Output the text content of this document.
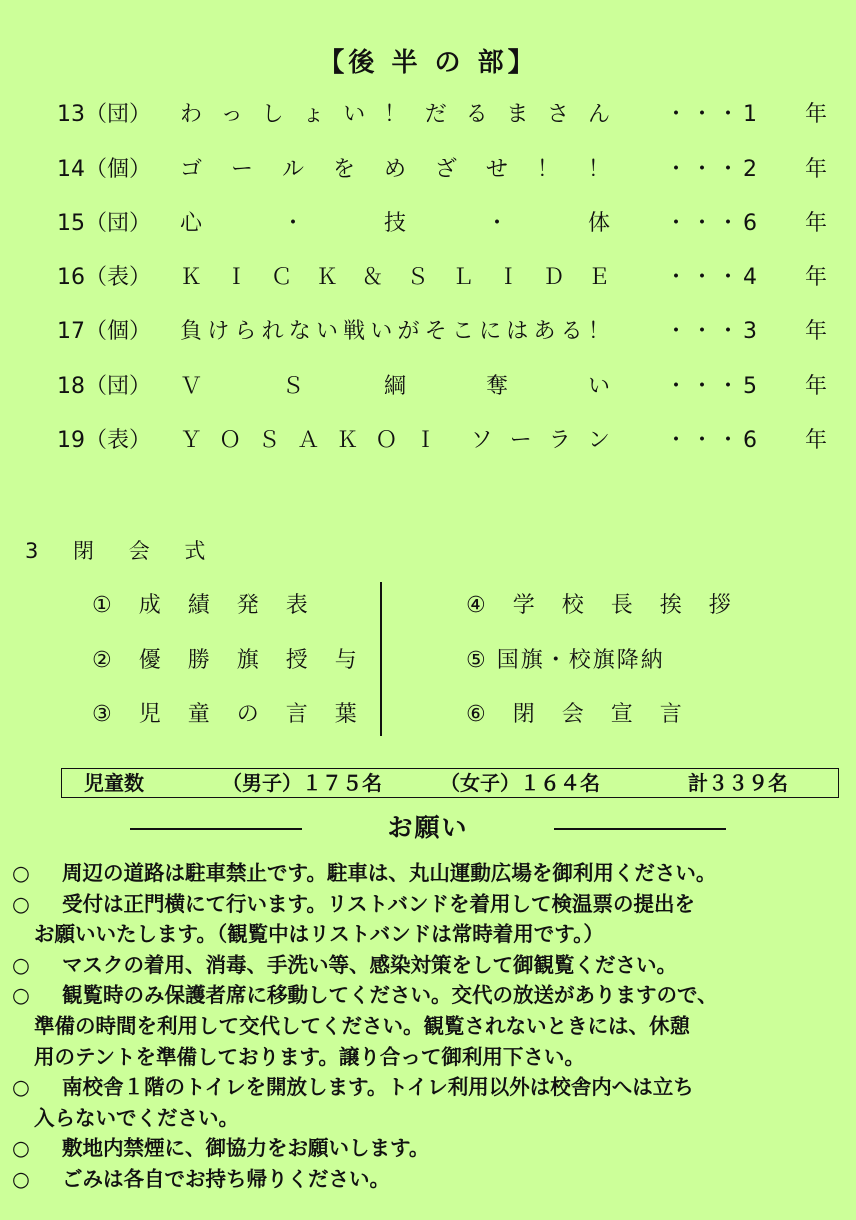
【後 半 の 部】
13（団） わ っ し ょ い ！ だ る ま さ ん	・・・1 年
14（個） ゴ ー ル を め ざ せ ！ ！	・・・2 年
15（団） 心	・	技	・	体	・・・6 年
16（表） Ｋ Ｉ Ｃ Ｋ ＆ Ｓ Ｌ Ｉ Ｄ Ｅ	・・・4 年
17（個） 負 け ら れ な い 戦 い が そ こ に は あ る ！	・・・3 年
18（団） Ｖ	Ｓ	綱	奪	い	・・・5 年
19（表） Ｙ Ｏ Ｓ Ａ Ｋ Ｏ Ｉ ソ ー ラ ン	・・・6 年
3 閉 会 式
① 成 績 発 表
② 優 勝 旗 授 与
③ 児 童 の 言 葉
④ 学 校 長 挨 拶
⑤ 国旗・校旗降納
⑥ 閉 会 宣 言
児童数	（男子）１７５名	（女子）１６４名	計３３９名
お願い
○ 周辺の道路は駐車禁止です。駐車は、丸山運動広場を御利用ください。
○ 受付は正門横にて行います。リストバンドを着用して検温票の提出を
お願いいたします。（観覧中はリストバンドは常時着用です。）
○ マスクの着用、消毒、手洗い等、感染対策をして御観覧ください。
○ 観覧時のみ保護者席に移動してください。交代の放送がありますので、
準備の時間を利用して交代してください。観覧されないときには、休憩
用のテントを準備しております。譲り合って御利用下さい。
○ 南校舎１階のトイレを開放します。トイレ利用以外は校舎内へは立ち
入らないでください。
○ 敷地内禁煙に、御協力をお願いします。
○ ごみは各自でお持ち帰りください。
